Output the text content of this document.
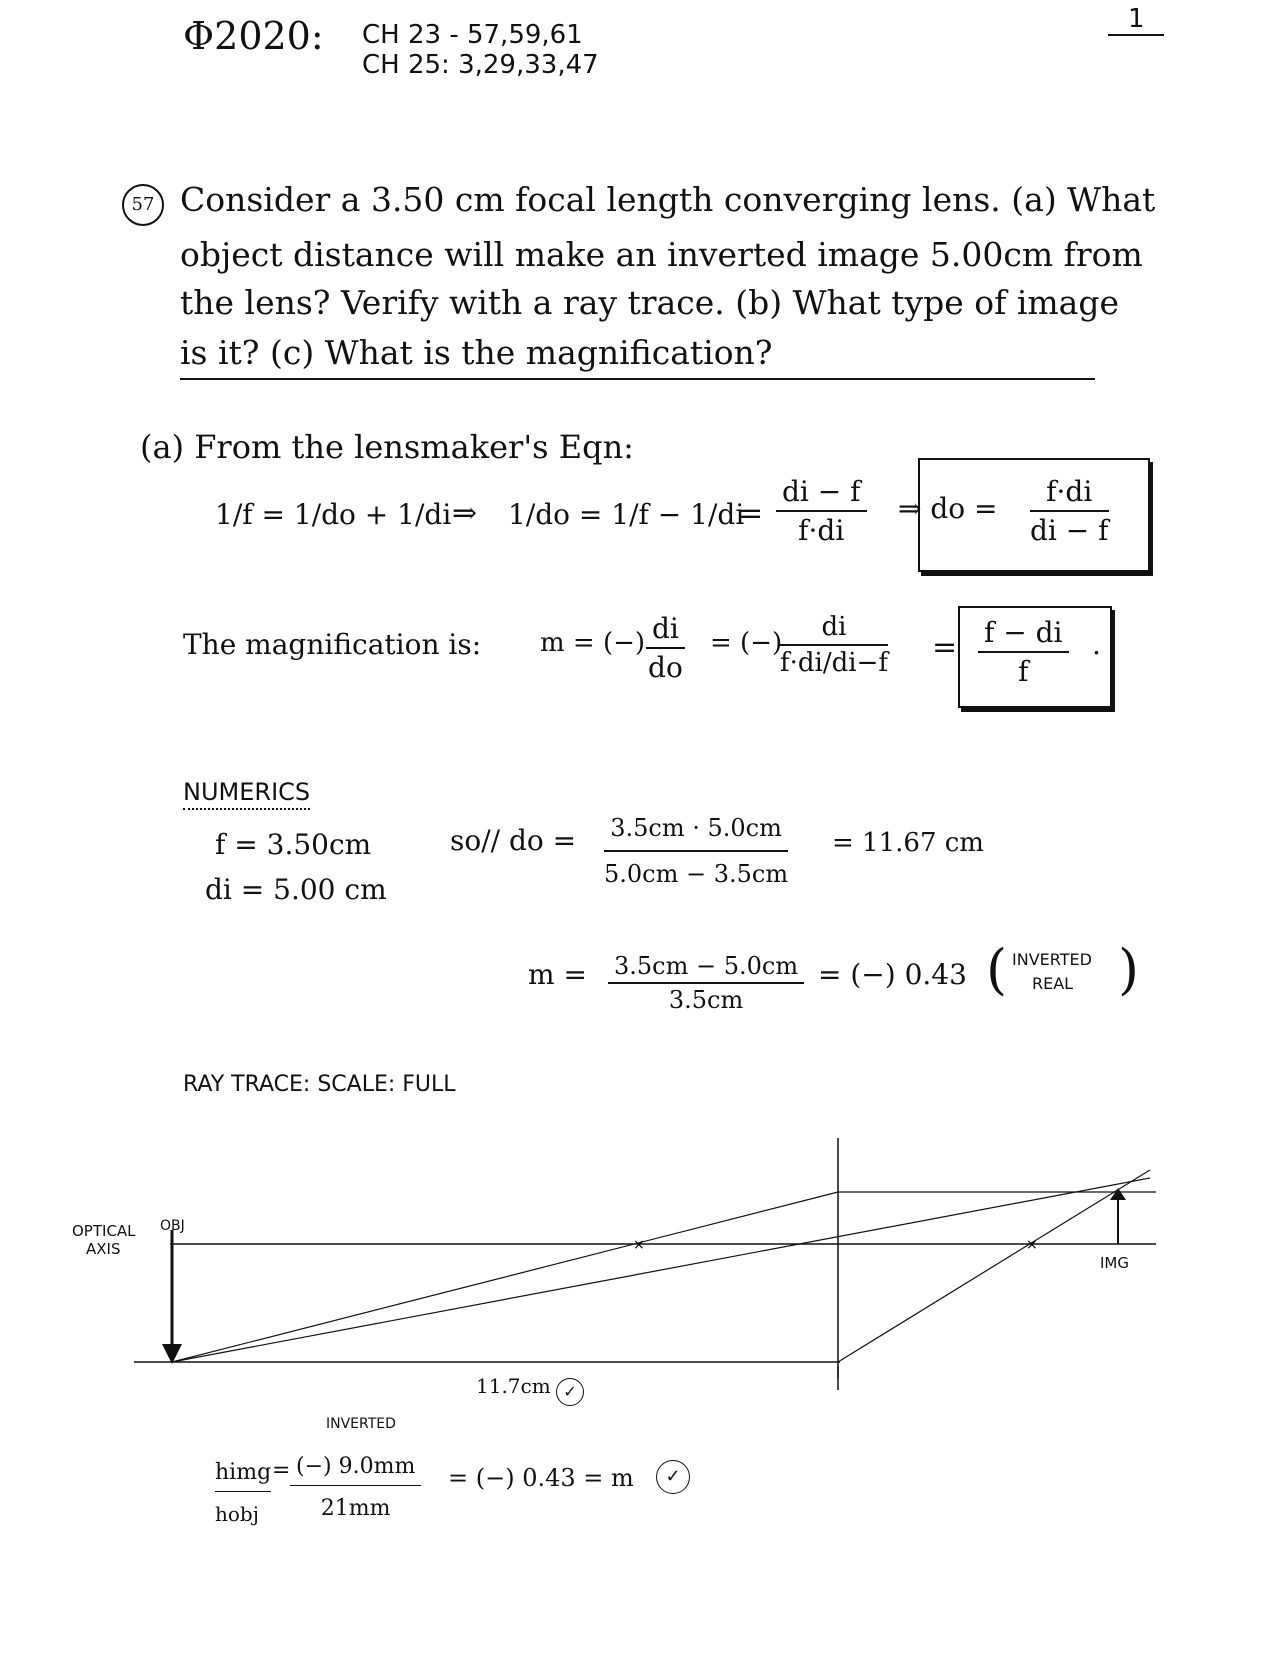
Φ2020: CH 23 - 57,59,61
CH 25: 3,29,33,47
1
57 Consider a 3.50 cm focal length converging lens. (a) What
object distance will make an inverted image 5.00cm from
the lens? Verify with a ray trace. (b) What type of image
is it? (c) What is the magnification?
(a) From the lensmaker's Eqn:
1/f = 1/do + 1/di ⇒ 1/do = 1/f − 1/di
= $\frac{di - f}{f\cdot di}$ ⇒ do = $\frac{f\cdot di}{di - f}$
The magnification is: m = (−) $\frac{di}{do}$ = (−)
$\frac{di}{f\cdot di/di-f} = \frac{f - di}{f}$ .
NUMERICS
f = 3.50cm
di = 5.00 cm
so// do = $\frac{3.5cm \cdot 5.0cm}{5.0cm - 3.5cm} = 11.67$ cm
$m = \frac{3.5cm - 5.0cm}{3.5cm}$ = (−) 0.43 ( INVERTED
REAL )
RAY TRACE: SCALE: FULL
×	×
OPTICAL
AXIS
OBJ
IMG
11.7cm ✓
INVERTED
himg
hobj
= $\frac{(-) 9.0mm}{21mm}$ = (−) 0.43 = m	✓
